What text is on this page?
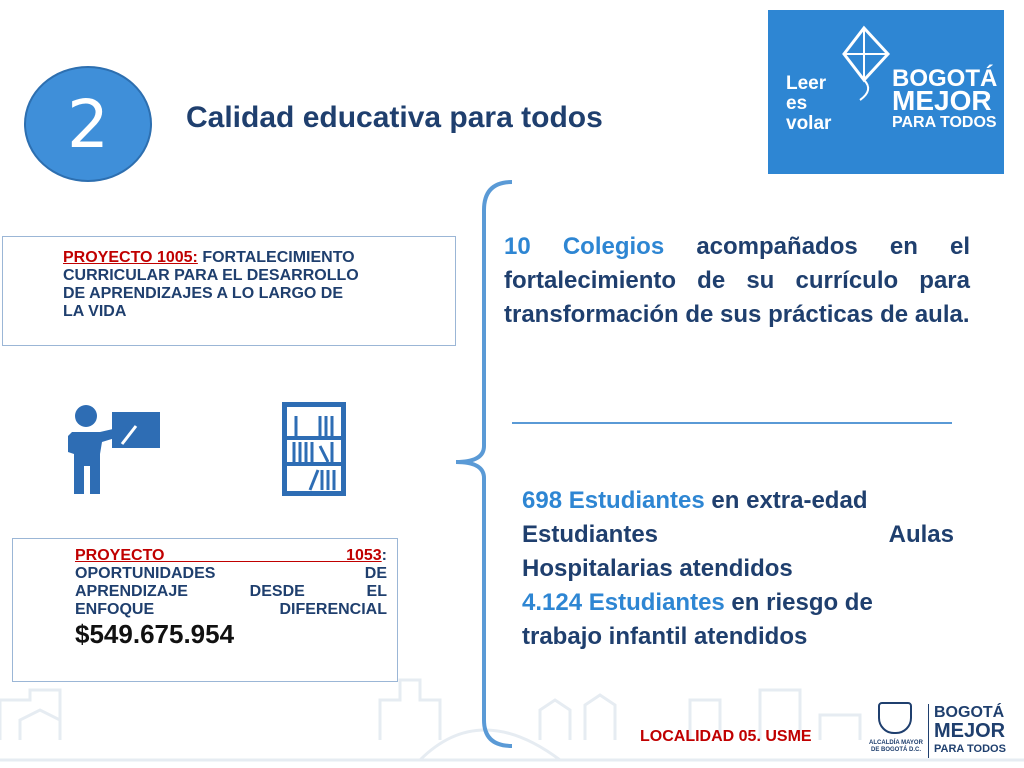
2	Calidad educativa para todos
Leer
es
volar
BOGOTÁ
MEJOR
PARA TODOS
PROYECTO 1005: FORTALECIMIENTO
CURRICULAR PARA EL DESARROLLO
DE APRENDIZAJES A LO LARGO DE
LA VIDA
PROYECTO 1053:
OPORTUNIDADES DE
APRENDIZAJE DESDE EL
ENFOQUE DIFERENCIAL
$549.675.954
10 Colegios acompañados en el fortalecimiento de su currículo para transformación de sus prácticas de aula.
698 Estudiantes en extra-edad
Estudiantes	Aulas
Hospitalarias atendidos
4.124 Estudiantes en riesgo de
trabajo infantil atendidos
LOCALIDAD 05. USME	ALCALDÍA MAYOR DE BOGOTÁ D.C.
BOGOTÁ
MEJOR
PARA TODOS
